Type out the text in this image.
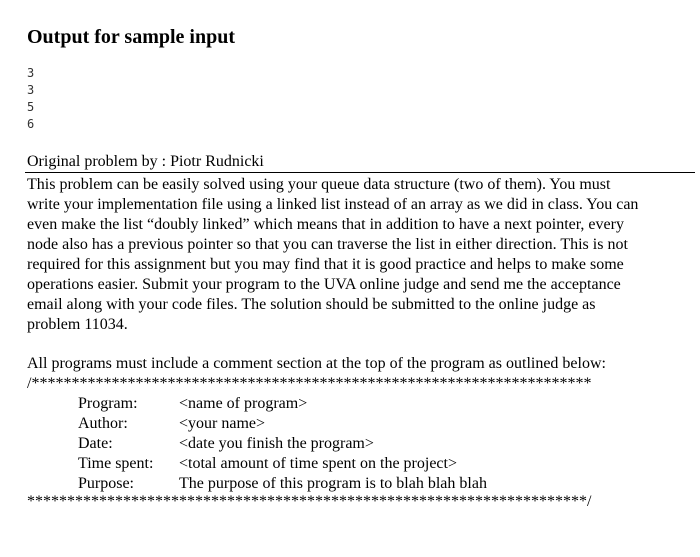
Output for sample input
3
3
5
6
Original problem by : Piotr Rudnicki
This problem can be easily solved using your queue data structure (two of them). You must
write your implementation file using a linked list instead of an array as we did in class. You can
even make the list “doubly linked” which means that in addition to have a next pointer, every
node also has a previous pointer so that you can traverse the list in either direction. This is not
required for this assignment but you may find that it is good practice and helps to make some
operations easier. Submit your program to the UVA online judge and send me the acceptance
email along with your code files. The solution should be submitted to the online judge as
problem 11034.
All programs must include a comment section at the top of the program as outlined below:
/**********************************************************************
Program:	<name of program>
Author:	<your name>
Date:	<date you finish the program>
Time spent: <total amount of time spent on the project>
Purpose:	The purpose of this program is to blah blah blah
**********************************************************************/
